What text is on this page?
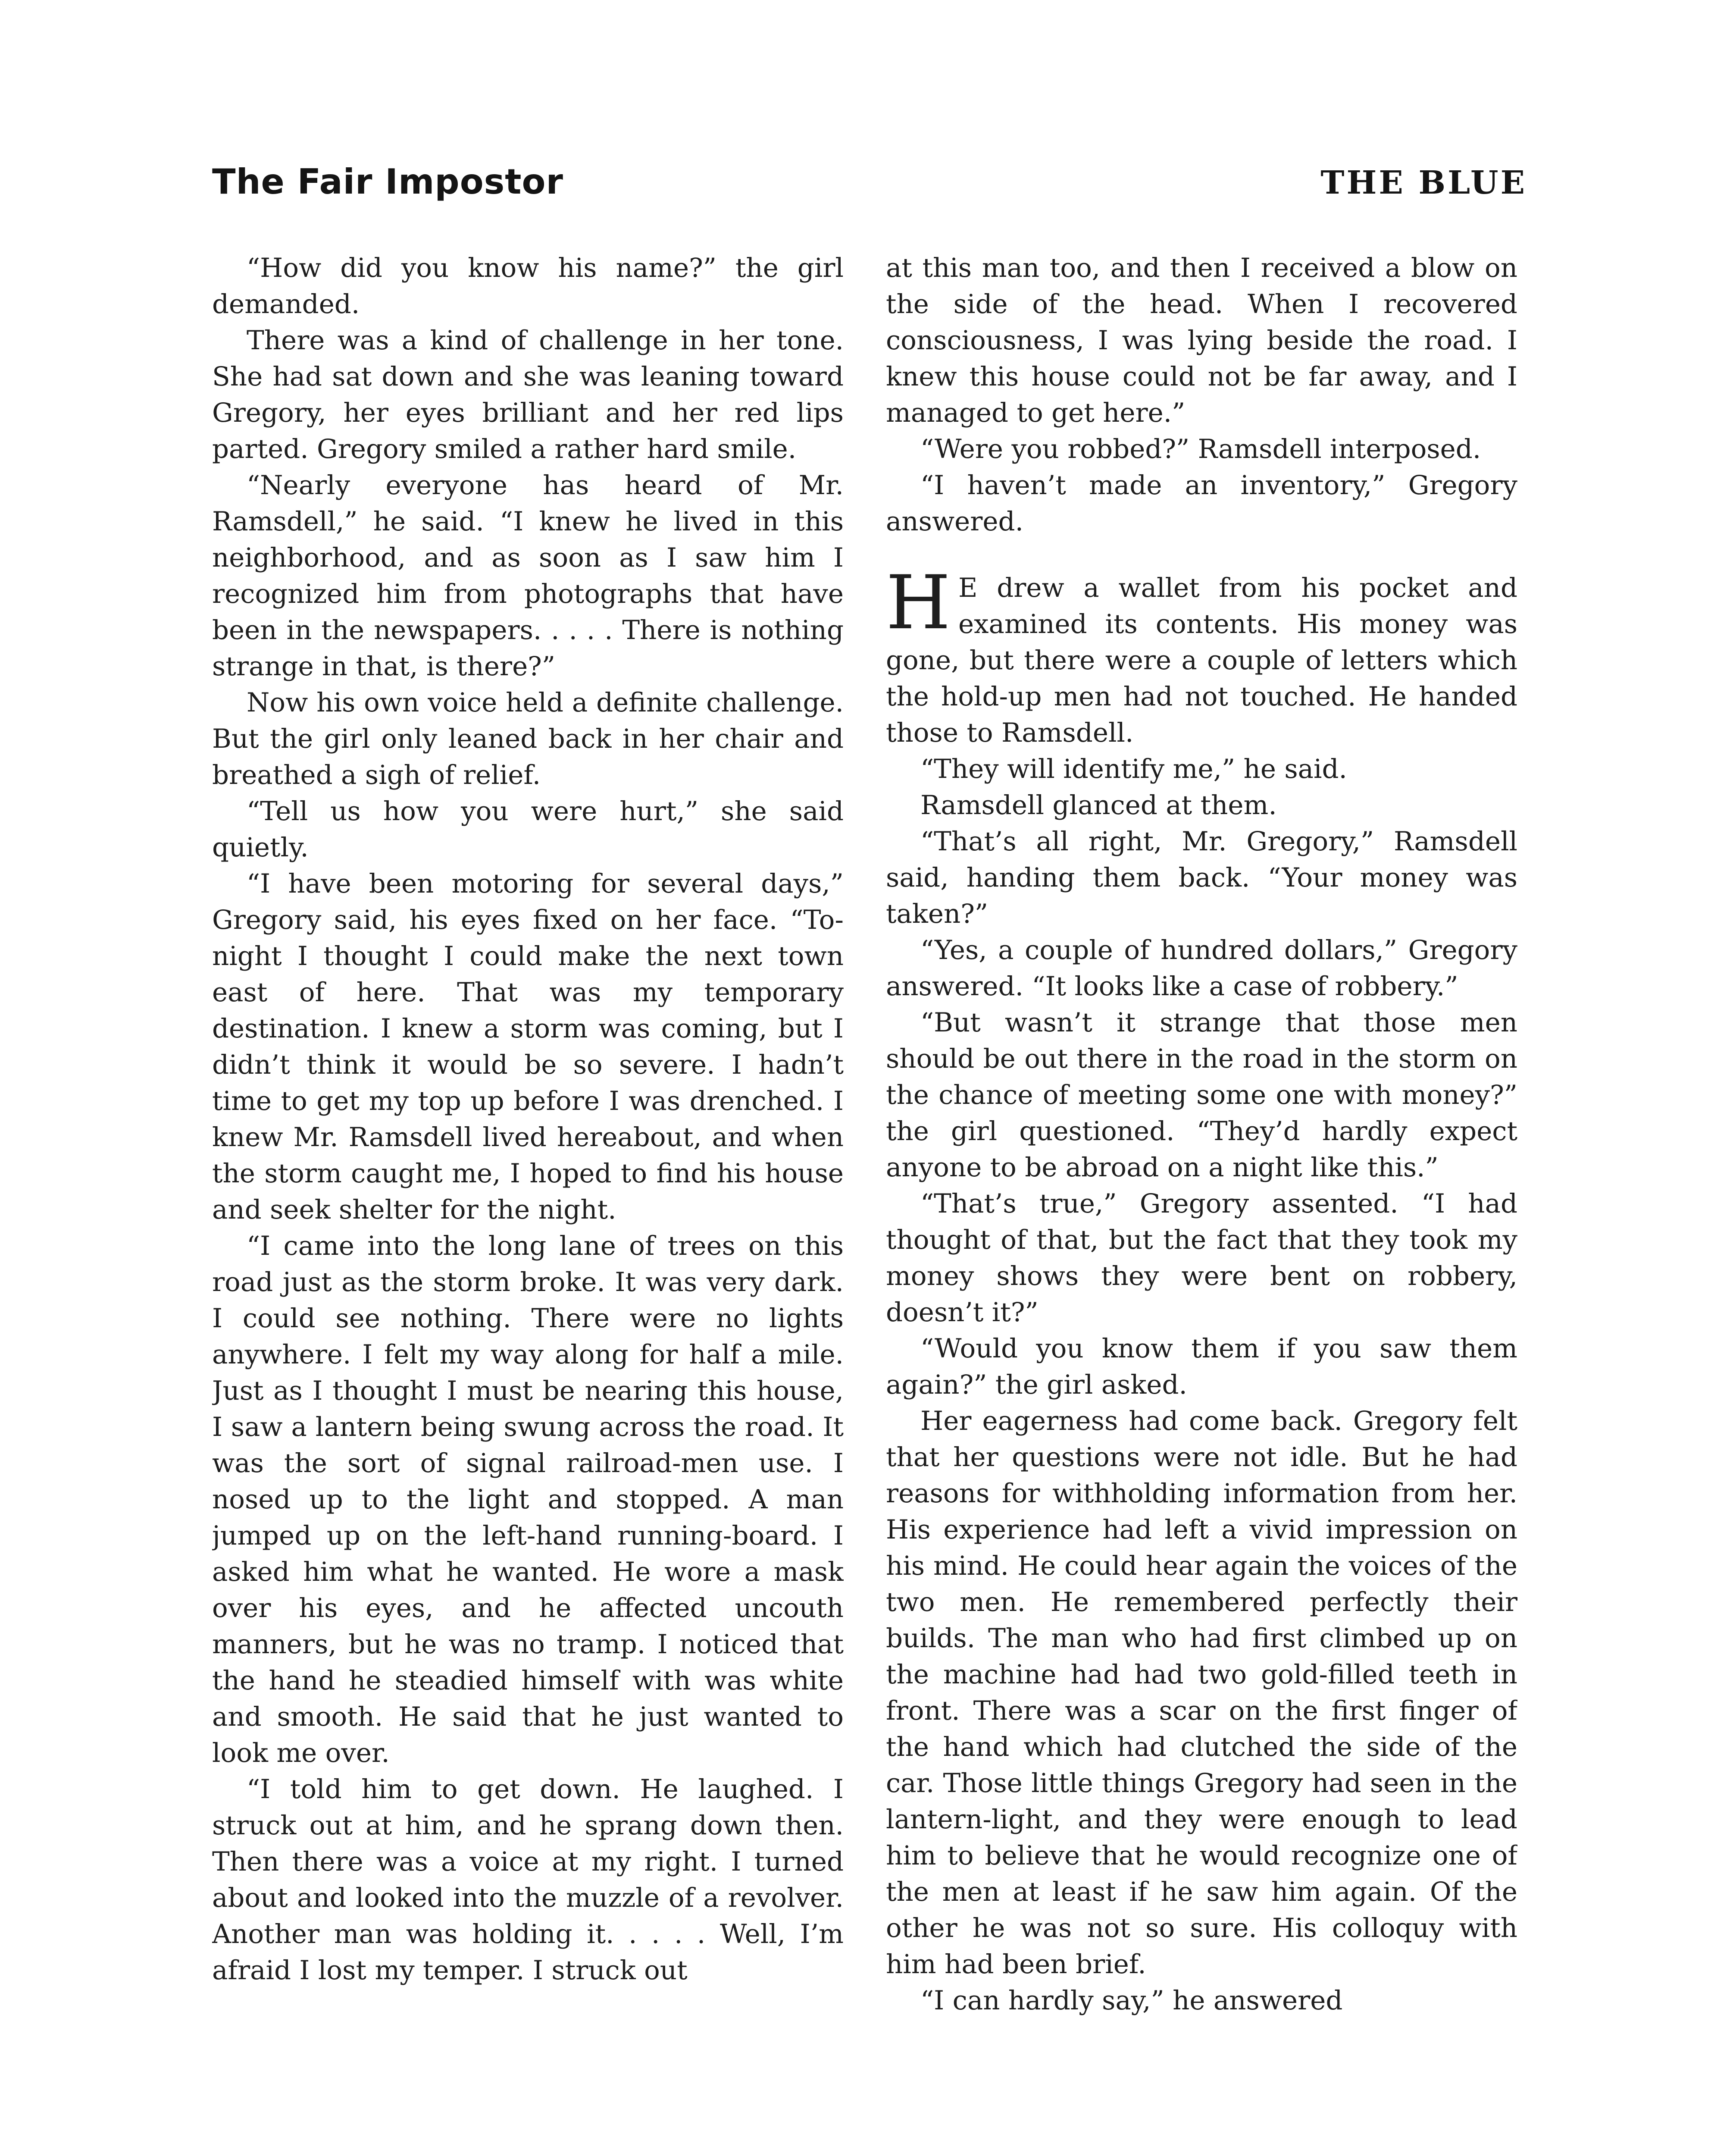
The Fair Impostor	THE BLUE

“How did you know his name?” the girl demanded.

There was a kind of challenge in her tone. She had sat down and she was leaning toward Gregory, her eyes brilliant and her red lips parted. Gregory smiled a rather hard smile.

“Nearly everyone has heard of Mr. Ramsdell,” he said. “I knew he lived in this neighborhood, and as soon as I saw him I recognized him from photographs that have been in the newspapers. . . . . There is nothing strange in that, is there?”

Now his own voice held a definite challenge. But the girl only leaned back in her chair and breathed a sigh of relief.

“Tell us how you were hurt,” she said quietly.

“I have been motoring for several days,” Gregory said, his eyes fixed on her face. “To-night I thought I could make the next town east of here. That was my temporary destination. I knew a storm was coming, but I didn’t think it would be so severe. I hadn’t time to get my top up before I was drenched. I knew Mr. Ramsdell lived hereabout, and when the storm caught me, I hoped to find his house and seek shelter for the night.

“I came into the long lane of trees on this road just as the storm broke. It was very dark. I could see nothing. There were no lights anywhere. I felt my way along for half a mile. Just as I thought I must be nearing this house, I saw a lantern being swung across the road. It was the sort of signal railroad-men use. I nosed up to the light and stopped. A man jumped up on the left-hand running-board. I asked him what he wanted. He wore a mask over his eyes, and he affected uncouth manners, but he was no tramp. I noticed that the hand he steadied himself with was white and smooth. He said that he just wanted to look me over.

“I told him to get down. He laughed. I struck out at him, and he sprang down then. Then there was a voice at my right. I turned about and looked into the muzzle of a revolver. Another man was holding it. . . . . Well, I’m afraid I lost my temper. I struck out

at this man too, and then I received a blow on the side of the head. When I recovered consciousness, I was lying beside the road. I knew this house could not be far away, and I managed to get here.”

“Were you robbed?” Ramsdell interposed.

“I haven’t made an inventory,” Gregory answered.

H E drew a wallet from his pocket and examined its contents. His money was gone, but there were a couple of letters which the hold-up men had not touched. He handed those to Ramsdell.

“They will identify me,” he said.

Ramsdell glanced at them.

“That’s all right, Mr. Gregory,” Ramsdell said, handing them back. “Your money was taken?”

“Yes, a couple of hundred dollars,” Gregory answered. “It looks like a case of robbery.”

“But wasn’t it strange that those men should be out there in the road in the storm on the chance of meeting some one with money?” the girl questioned. “They’d hardly expect anyone to be abroad on a night like this.”

“That’s true,” Gregory assented. “I had thought of that, but the fact that they took my money shows they were bent on robbery, doesn’t it?”

“Would you know them if you saw them again?” the girl asked.

Her eagerness had come back. Gregory felt that her questions were not idle. But he had reasons for withholding information from her. His experience had left a vivid impression on his mind. He could hear again the voices of the two men. He remembered perfectly their builds. The man who had first climbed up on the machine had had two gold-filled teeth in front. There was a scar on the first finger of the hand which had clutched the side of the car. Those little things Gregory had seen in the lantern-light, and they were enough to lead him to believe that he would recognize one of the men at least if he saw him again. Of the other he was not so sure. His colloquy with him had been brief.

“I can hardly say,” he answered
